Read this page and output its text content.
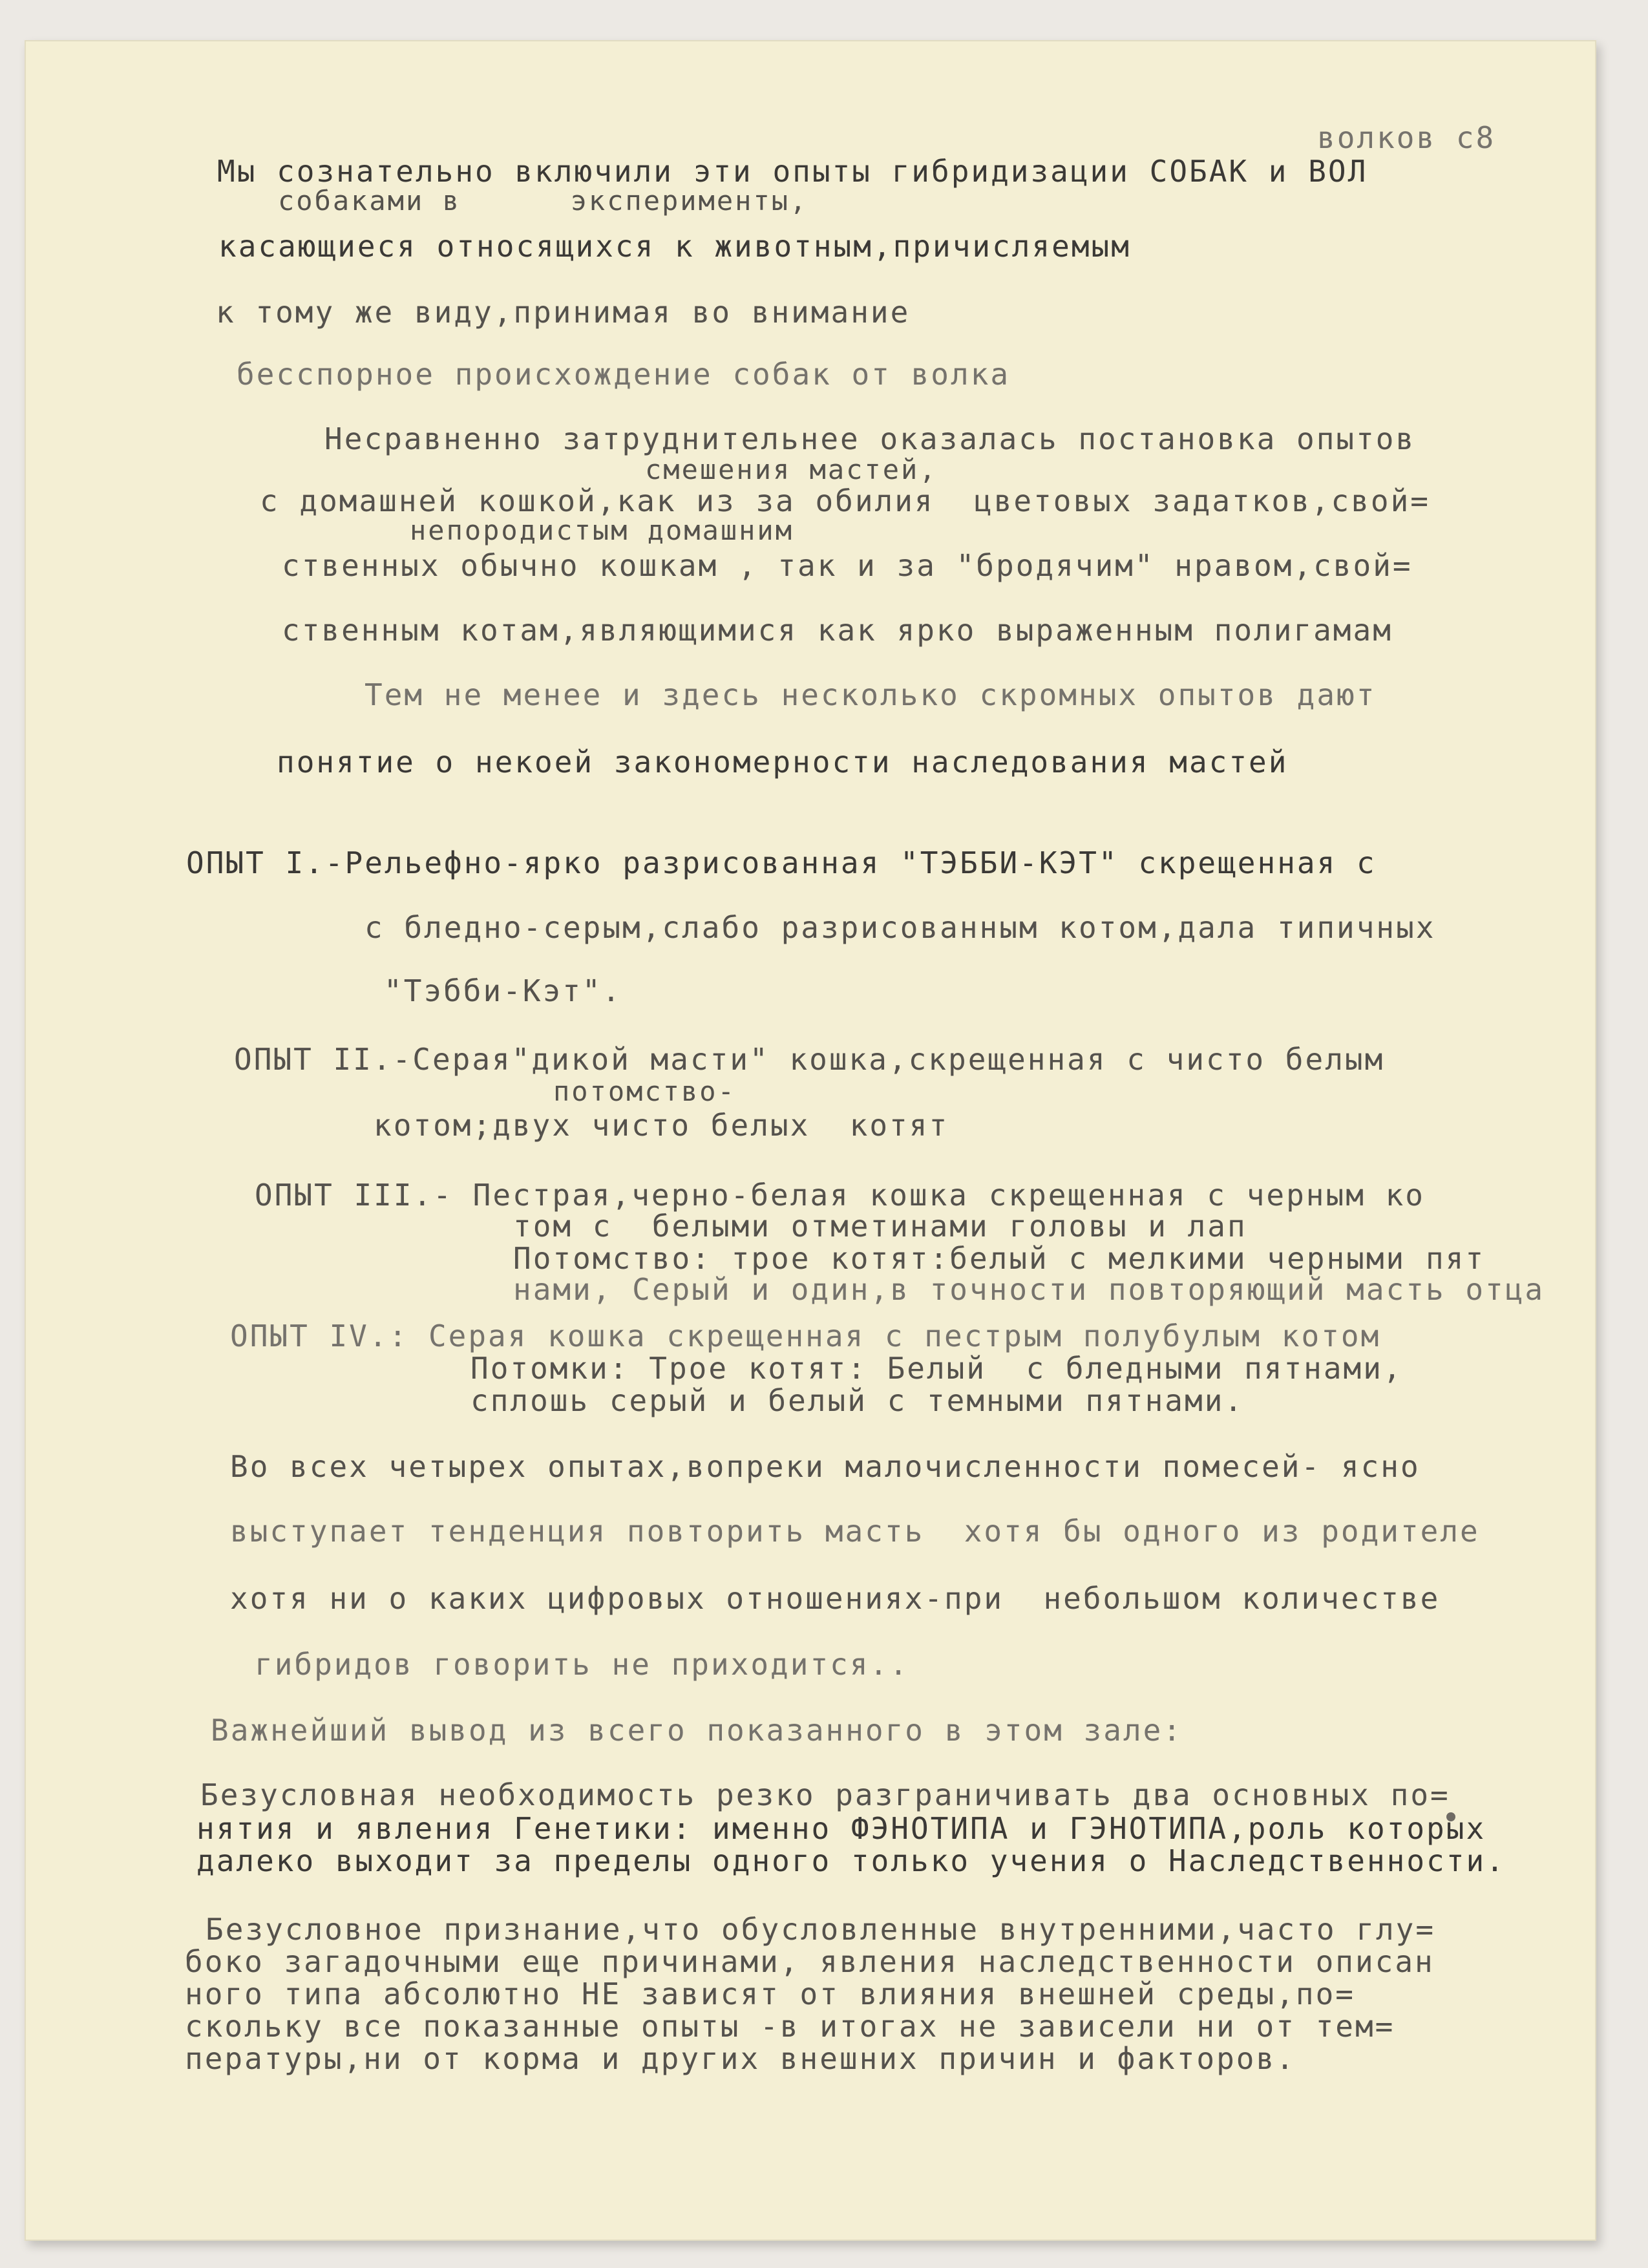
волков с8
Мы сознательно включили эти опыты гибридизации СОБАК и ВОЛ
собаками в      эксперименты,
касающиеся относящихся к животным,причисляемым
к тому же виду,принимая во внимание
бесспорное происхождение собак от волка
Несравненно затруднительнее оказалась постановка опытов
смешения мастей,
с домашней кошкой,как из за обилия  цветовых задатков,свой=
непородистым домашним
ственных обычно кошкам , так и за "бродячим" нравом,свой=
ственным котам,являющимися как ярко выраженным полигамам
Тем не менее и здесь несколько скромных опытов дают
понятие о некоей закономерности наследования мастей
ОПЫТ I.-Рельефно-ярко разрисованная "ТЭББИ-КЭТ" скрещенная с
с бледно-серым,слабо разрисованным котом,дала типичных
"Тэбби-Кэт".
ОПЫТ II.-Серая"дикой масти" кошка,скрещенная с чисто белым
потомство-
котом;двух чисто белых  котят
ОПЫТ III.- Пестрая,черно-белая кошка скрещенная с черным ко
том с  белыми отметинами головы и лап
Потомство: трое котят:белый с мелкими черными пят
нами, Серый и один,в точности повторяющий масть отца
ОПЫТ IV.: Серая кошка скрещенная с пестрым полубулым котом
Потомки: Трое котят: Белый  с бледными пятнами,
сплошь серый и белый с темными пятнами.
Во всех четырех опытах,вопреки малочисленности помесей- ясно
выступает тенденция повторить масть  хотя бы одного из родителе
хотя ни о каких цифровых отношениях-при  небольшом количестве
гибридов говорить не приходится..
Важнейший вывод из всего показанного в этом зале:
Безусловная необходимость резко разграничивать два основных по=
нятия и явления Генетики: именно ФЭНОТИПА и ГЭНОТИПА,роль которых
далеко выходит за пределы одного только учения о Наследственности.
Безусловное признание,что обусловленные внутренними,часто глу=
боко загадочными еще причинами, явления наследственности описан
ного типа абсолютно НЕ зависят от влияния внешней среды,по=
скольку все показанные опыты -в итогах не зависели ни от тем=
пературы,ни от корма и других внешних причин и факторов.
